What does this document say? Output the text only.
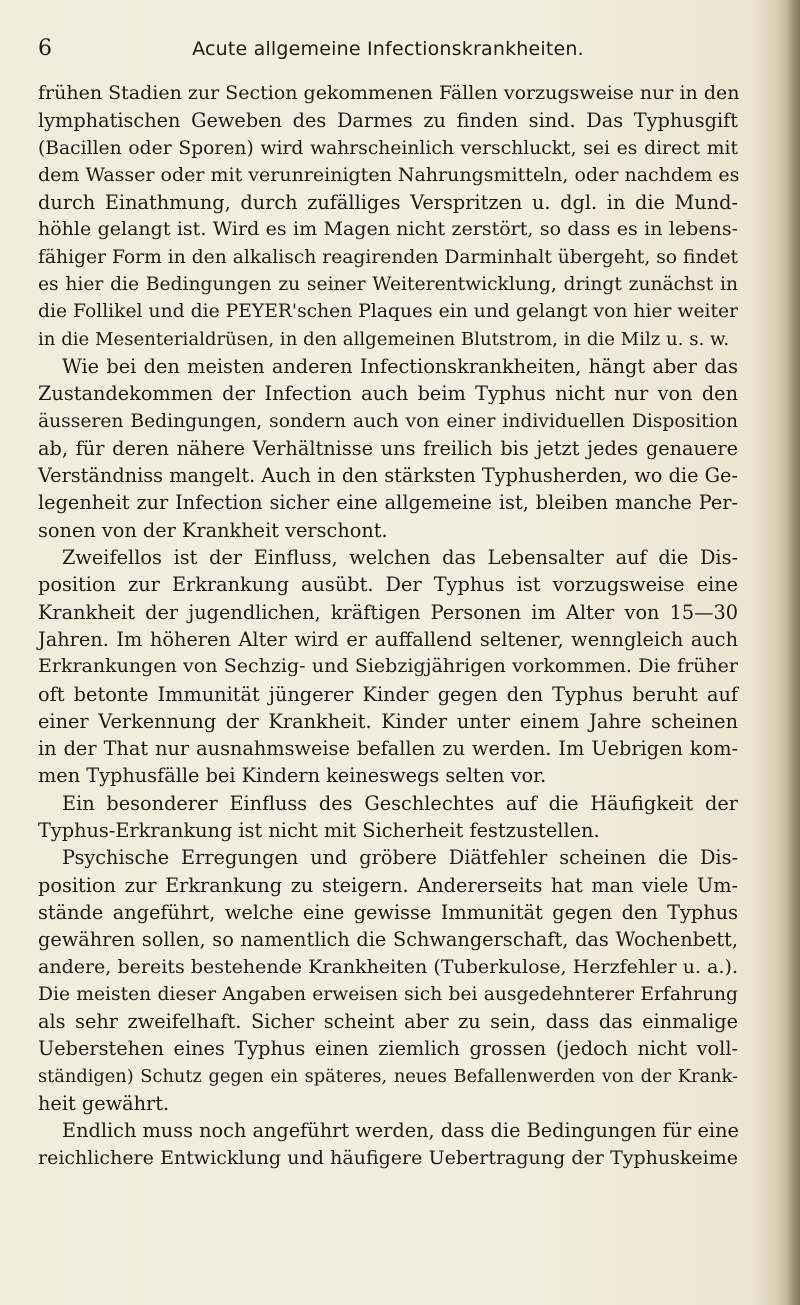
6	Acute allgemeine Infectionskrankheiten.
frühen Stadien zur Section gekommenen Fällen vorzugsweise nur in den
lymphatischen Geweben des Darmes zu finden sind. Das Typhusgift
(Bacillen oder Sporen) wird wahrscheinlich verschluckt, sei es direct mit
dem Wasser oder mit verunreinigten Nahrungsmitteln, oder nachdem es
durch Einathmung, durch zufälliges Verspritzen u. dgl. in die Mund-
höhle gelangt ist. Wird es im Magen nicht zerstört, so dass es in lebens-
fähiger Form in den alkalisch reagirenden Darminhalt übergeht, so findet
es hier die Bedingungen zu seiner Weiterentwicklung, dringt zunächst in
die Follikel und die PEYER'schen Plaques ein und gelangt von hier weiter
in die Mesenterialdrüsen, in den allgemeinen Blutstrom, in die Milz u. s. w.
Wie bei den meisten anderen Infectionskrankheiten, hängt aber das
Zustandekommen der Infection auch beim Typhus nicht nur von den
äusseren Bedingungen, sondern auch von einer individuellen Disposition
ab, für deren nähere Verhältnisse uns freilich bis jetzt jedes genauere
Verständniss mangelt. Auch in den stärksten Typhusherden, wo die Ge-
legenheit zur Infection sicher eine allgemeine ist, bleiben manche Per-
sonen von der Krankheit verschont.
Zweifellos ist der Einfluss, welchen das Lebensalter auf die Dis-
position zur Erkrankung ausübt. Der Typhus ist vorzugsweise eine
Krankheit der jugendlichen, kräftigen Personen im Alter von 15—30
Jahren. Im höheren Alter wird er auffallend seltener, wenngleich auch
Erkrankungen von Sechzig- und Siebzigjährigen vorkommen. Die früher
oft betonte Immunität jüngerer Kinder gegen den Typhus beruht auf
einer Verkennung der Krankheit. Kinder unter einem Jahre scheinen
in der That nur ausnahmsweise befallen zu werden. Im Uebrigen kom-
men Typhusfälle bei Kindern keineswegs selten vor.
Ein besonderer Einfluss des Geschlechtes auf die Häufigkeit der
Typhus-Erkrankung ist nicht mit Sicherheit festzustellen.
Psychische Erregungen und gröbere Diätfehler scheinen die Dis-
position zur Erkrankung zu steigern. Andererseits hat man viele Um-
stände angeführt, welche eine gewisse Immunität gegen den Typhus
gewähren sollen, so namentlich die Schwangerschaft, das Wochenbett,
andere, bereits bestehende Krankheiten (Tuberkulose, Herzfehler u. a.).
Die meisten dieser Angaben erweisen sich bei ausgedehnterer Erfahrung
als sehr zweifelhaft. Sicher scheint aber zu sein, dass das einmalige
Ueberstehen eines Typhus einen ziemlich grossen (jedoch nicht voll-
ständigen) Schutz gegen ein späteres, neues Befallenwerden von der Krank-
heit gewährt.
Endlich muss noch angeführt werden, dass die Bedingungen für eine
reichlichere Entwicklung und häufigere Uebertragung der Typhuskeime
